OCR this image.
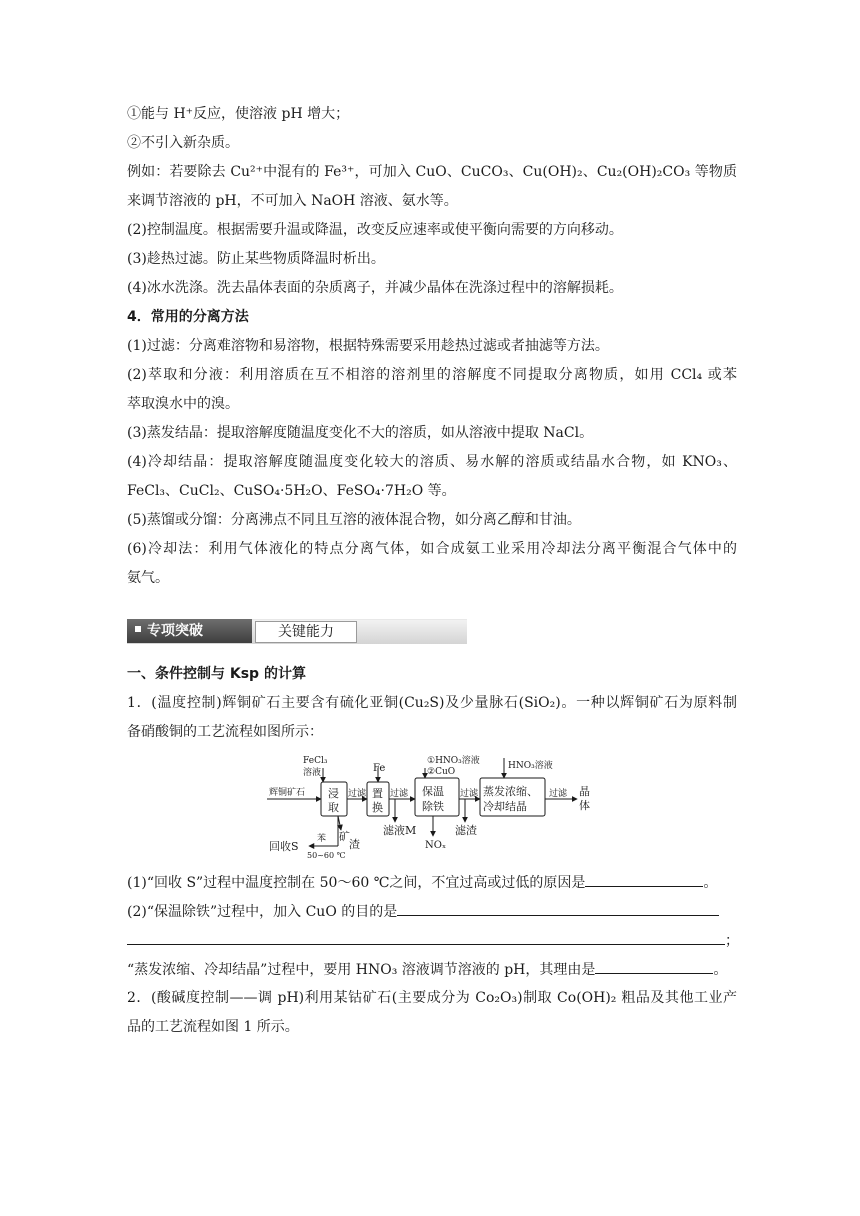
①能与 H⁺反应，使溶液 pH 增大；
②不引入新杂质。
例如：若要除去 Cu²⁺中混有的 Fe³⁺，可加入 CuO、CuCO₃、Cu(OH)₂、Cu₂(OH)₂CO₃ 等物质
来调节溶液的 pH，不可加入 NaOH 溶液、氨水等。
(2)控制温度。根据需要升温或降温，改变反应速率或使平衡向需要的方向移动。
(3)趁热过滤。防止某些物质降温时析出。
(4)冰水洗涤。洗去晶体表面的杂质离子，并减少晶体在洗涤过程中的溶解损耗。
4．常用的分离方法
(1)过滤：分离难溶物和易溶物，根据特殊需要采用趁热过滤或者抽滤等方法。
(2)萃取和分液：利用溶质在互不相溶的溶剂里的溶解度不同提取分离物质，如用 CCl₄ 或苯
萃取溴水中的溴。
(3)蒸发结晶：提取溶解度随温度变化不大的溶质，如从溶液中提取 NaCl。
(4)冷却结晶：提取溶解度随温度变化较大的溶质、易水解的溶质或结晶水合物，如 KNO₃、
FeCl₃、CuCl₂、CuSO₄·5H₂O、FeSO₄·7H₂O 等。
(5)蒸馏或分馏：分离沸点不同且互溶的液体混合物，如分离乙醇和甘油。
(6)冷却法：利用气体液化的特点分离气体，如合成氨工业采用冷却法分离平衡混合气体中的
氨气。
专项突破	关键能力
一、条件控制与 Ksp 的计算
1．(温度控制)辉铜矿石主要含有硫化亚铜(Cu₂S)及少量脉石(SiO₂)。一种以辉铜矿石为原料制
备硝酸铜的工艺流程如图所示：
辉铜矿石
FeCl₃
溶液
浸
取
过滤
Fe
置
换
过滤
①HNO₃溶液
②CuO
保温
除铁
过滤
HNO₃溶液
蒸发浓缩、
冷却结晶
过滤 晶
体
苯
50~60 ℃
回收S
矿
渣
滤液M
NOₓ
滤渣
(1)“回收 S”过程中温度控制在 50～60 ℃之间，不宜过高或过低的原因是	。
(2)“保温除铁”过程中，加入 CuO 的目的是
；
“蒸发浓缩、冷却结晶”过程中，要用 HNO₃ 溶液调节溶液的 pH，其理由是	。
2．(酸碱度控制——调 pH)利用某钴矿石(主要成分为 Co₂O₃)制取 Co(OH)₂ 粗品及其他工业产
品的工艺流程如图 1 所示。
